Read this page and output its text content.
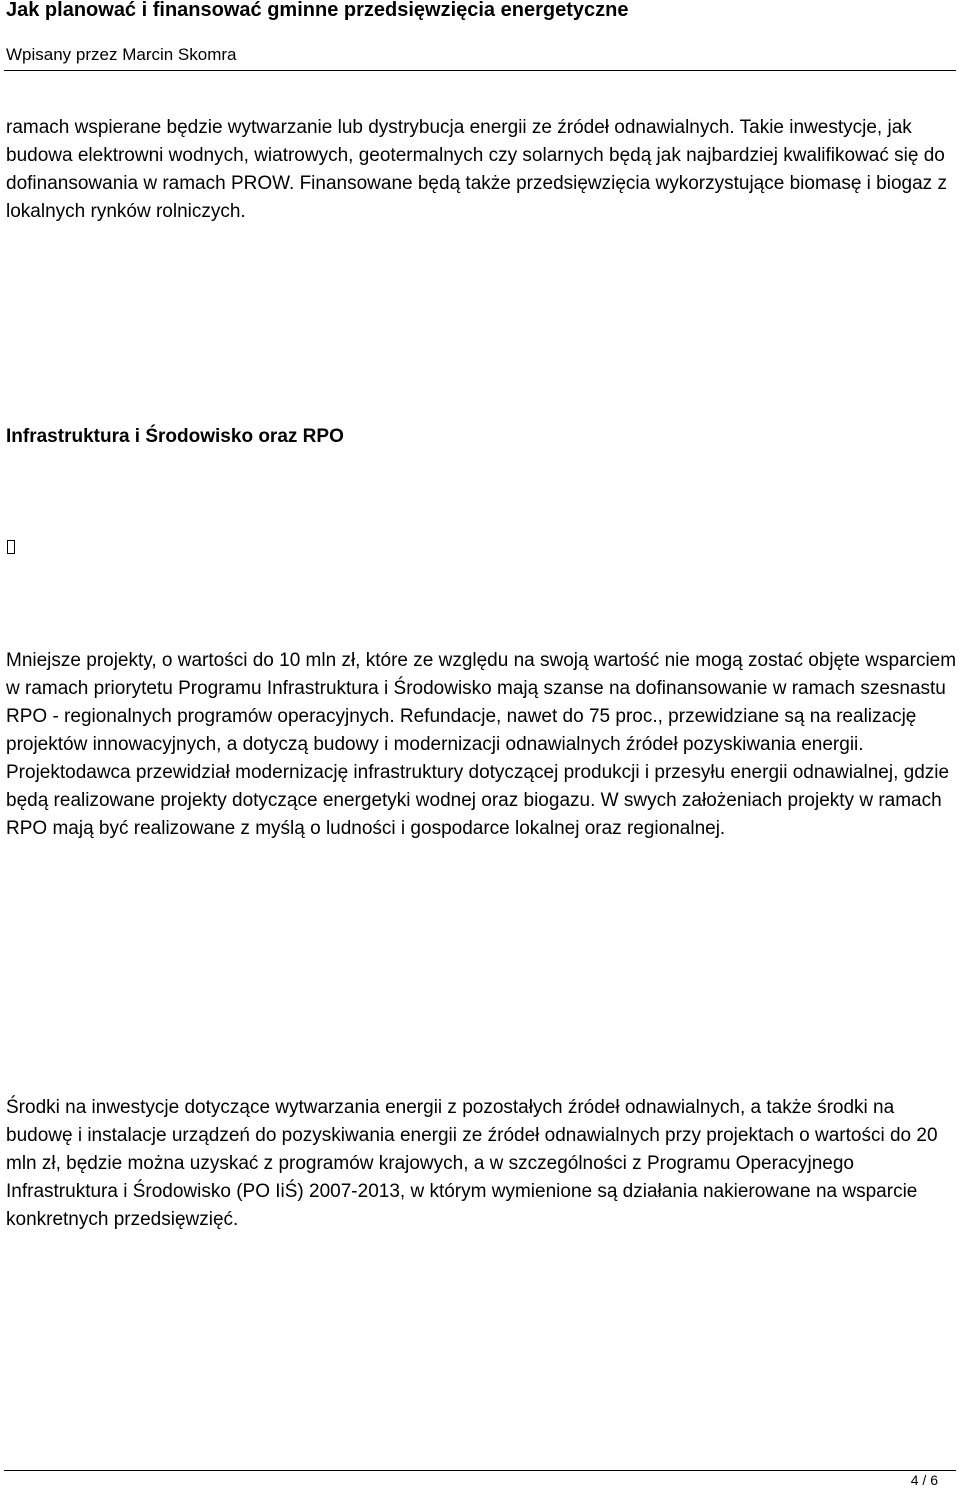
Jak planować i finansować gminne przedsięwzięcia energetyczne
Wpisany przez Marcin Skomra

ramach wspierane będzie wytwarzanie lub dystrybucja energii ze źródeł odnawialnych. Takie inwestycje, jak budowa elektrowni wodnych, wiatrowych, geotermalnych czy solarnych będą jak najbardziej kwalifikować się do dofinansowania w ramach PROW. Finansowane będą także przedsięwzięcia wykorzystujące biomasę i biogaz z lokalnych rynków rolniczych.

Infrastruktura i Środowisko oraz RPO

Mniejsze projekty, o wartości do 10 mln zł, które ze względu na swoją wartość nie mogą zostać objęte wsparciem w ramach priorytetu Programu Infrastruktura i Środowisko mają szanse na dofinansowanie w ramach szesnastu RPO - regionalnych programów operacyjnych. Refundacje, nawet do 75 proc., przewidziane są na realizację projektów innowacyjnych, a dotyczą budowy i modernizacji odnawialnych źródeł pozyskiwania energii. Projektodawca przewidział modernizację infrastruktury dotyczącej produkcji i przesyłu energii odnawialnej, gdzie będą realizowane projekty dotyczące energetyki wodnej oraz biogazu. W swych założeniach projekty w ramach RPO mają być realizowane z myślą o ludności i gospodarce lokalnej oraz regionalnej.

Środki na inwestycje dotyczące wytwarzania energii z pozostałych źródeł odnawialnych, a także środki na budowę i instalacje urządzeń do pozyskiwania energii ze źródeł odnawialnych przy projektach o wartości do 20 mln zł, będzie można uzyskać z programów krajowych, a w szczególności z Programu Operacyjnego Infrastruktura i Środowisko (PO IiŚ) 2007-2013, w którym wymienione są działania nakierowane na wsparcie konkretnych przedsięwzięć.

4 / 6
